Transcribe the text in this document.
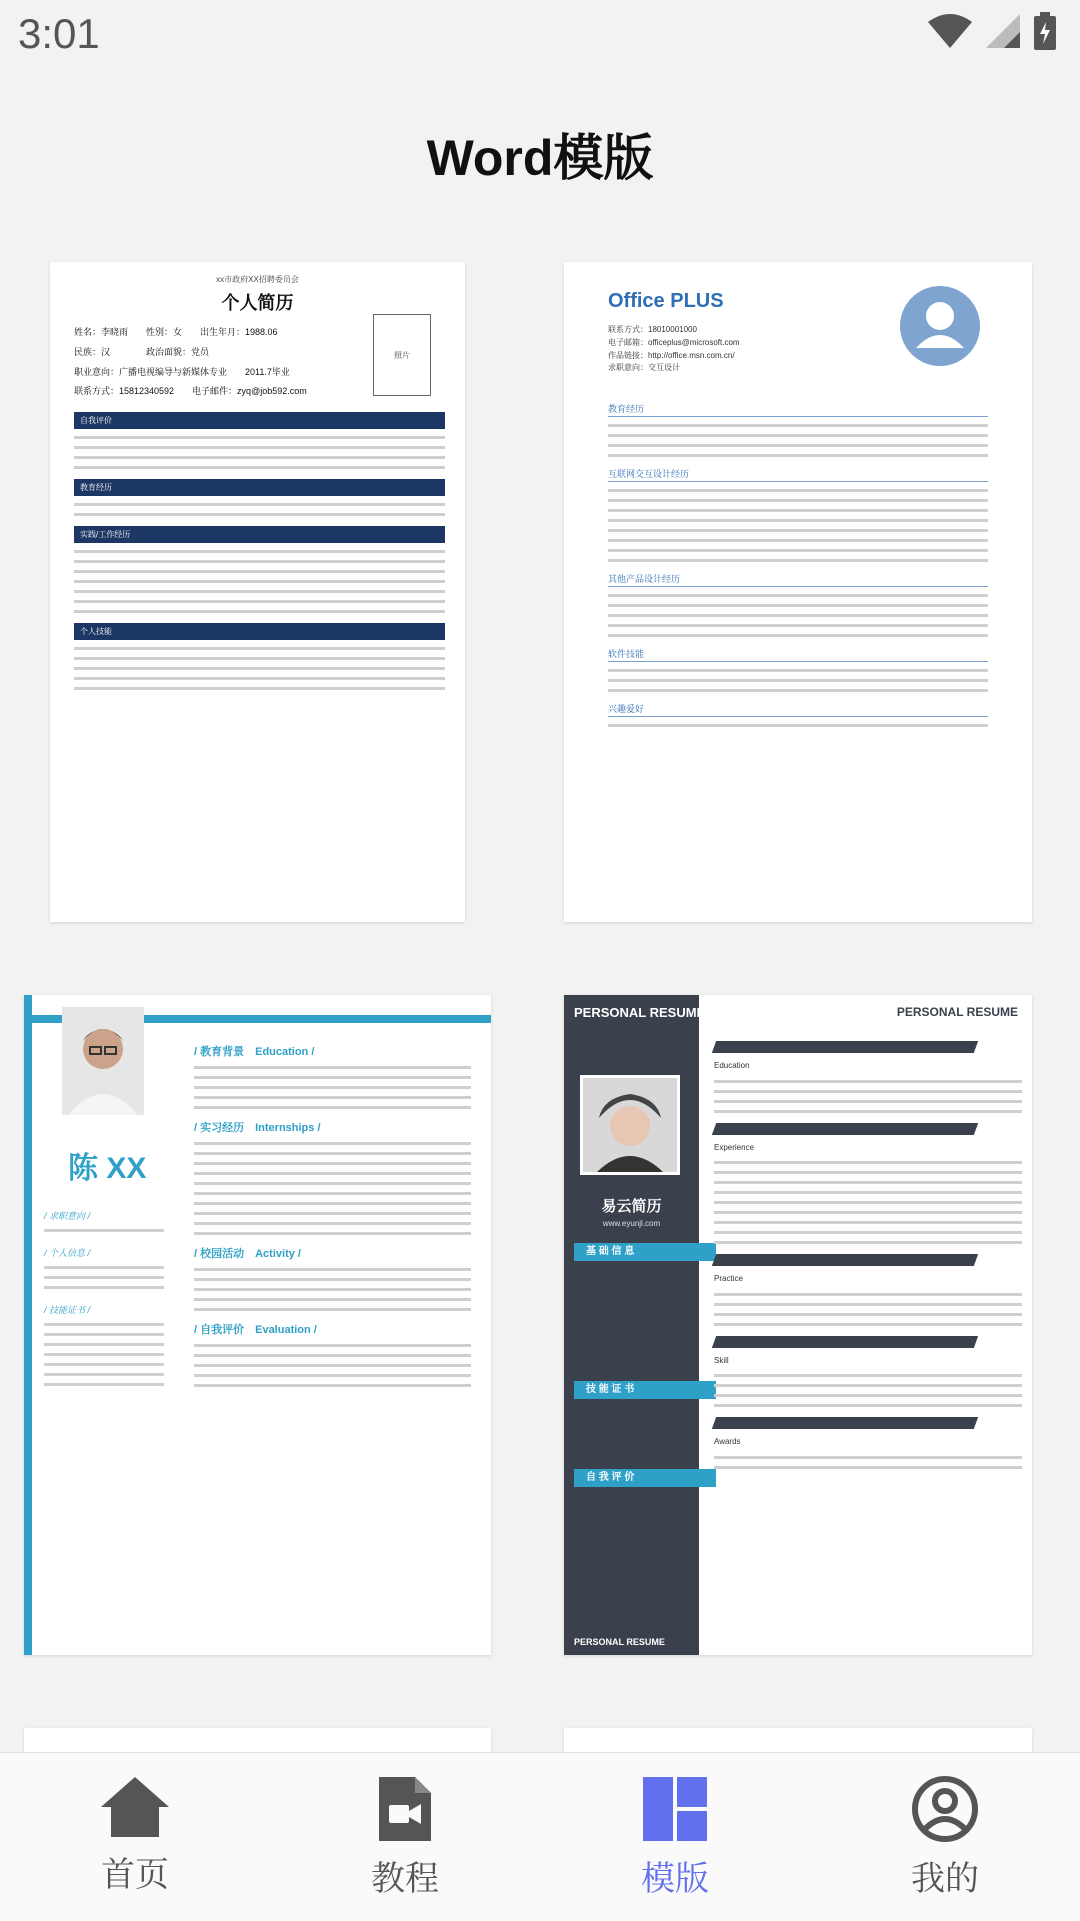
3:01
Word模版
xx市政府XX招聘委员会
个人简历
照片
姓名：李晓雨　　性别：女　　出生年月：1988.06
民族：汉　　　　政治面貌：党员
职业意向：广播电视编导与新媒体专业　　2011.7毕业
联系方式：15812340592　　电子邮件：zyq@job592.com
自我评价
教育经历
实践/工作经历
个人技能
Office PLUS
联系方式：18010001000
电子邮箱：officeplus@microsoft.com
作品链接：http://office.msn.com.cn/
求职意向：交互设计
教育经历
互联网交互设计经历
其他产品设计经历
软件技能
兴趣爱好
陈 XX
/ 求职意向 /
/ 个人信息 /
/ 技能证书 /
/ 教育背景　Education /
/ 实习经历　Internships /
/ 校园活动　Activity /
/ 自我评价　Evaluation /
PERSONAL RESUME	PERSONAL RESUME
易云简历
www.eyunjl.com
基 础 信 息
技 能 证 书
自 我 评 价
Education
Experience
Practice
Skill
Awards
PERSONAL RESUME
首页	教程	模版	我的
